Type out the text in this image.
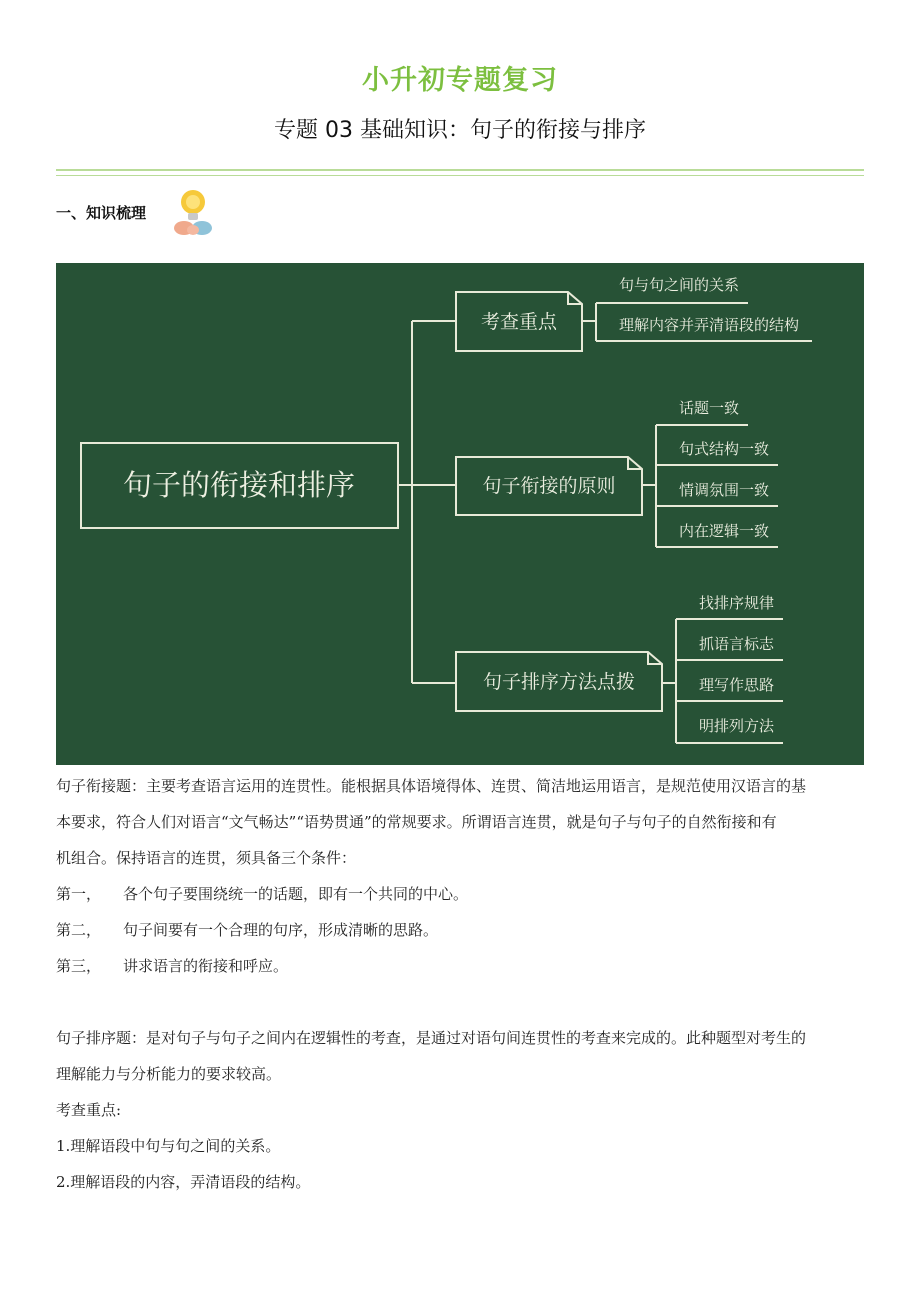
小升初专题复习
专题 03 基础知识：句子的衔接与排序
一、知识梳理
句子的衔接和排序
考查重点
句子衔接的原则
句子排序方法点拨
句与句之间的关系
理解内容并弄清语段的结构
话题一致
句式结构一致
情调氛围一致
内在逻辑一致
找排序规律
抓语言标志
理写作思路
明排列方法

句子衔接题：主要考查语言运用的连贯性。能根据具体语境得体、连贯、简洁地运用语言，是规范使用汉语言的基

本要求，符合人们对语言“文气畅达”“语势贯通”的常规要求。所谓语言连贯，就是句子与句子的自然衔接和有

机组合。保持语言的连贯，须具备三个条件：

第一， 各个句子要围绕统一的话题，即有一个共同的中心。

第二， 句子间要有一个合理的句序，形成清晰的思路。

第三， 讲求语言的衔接和呼应。

句子排序题：是对句子与句子之间内在逻辑性的考查，是通过对语句间连贯性的考查来完成的。此种题型对考生的

理解能力与分析能力的要求较高。

考查重点:

1.理解语段中句与句之间的关系。

2.理解语段的内容，弄清语段的结构。
